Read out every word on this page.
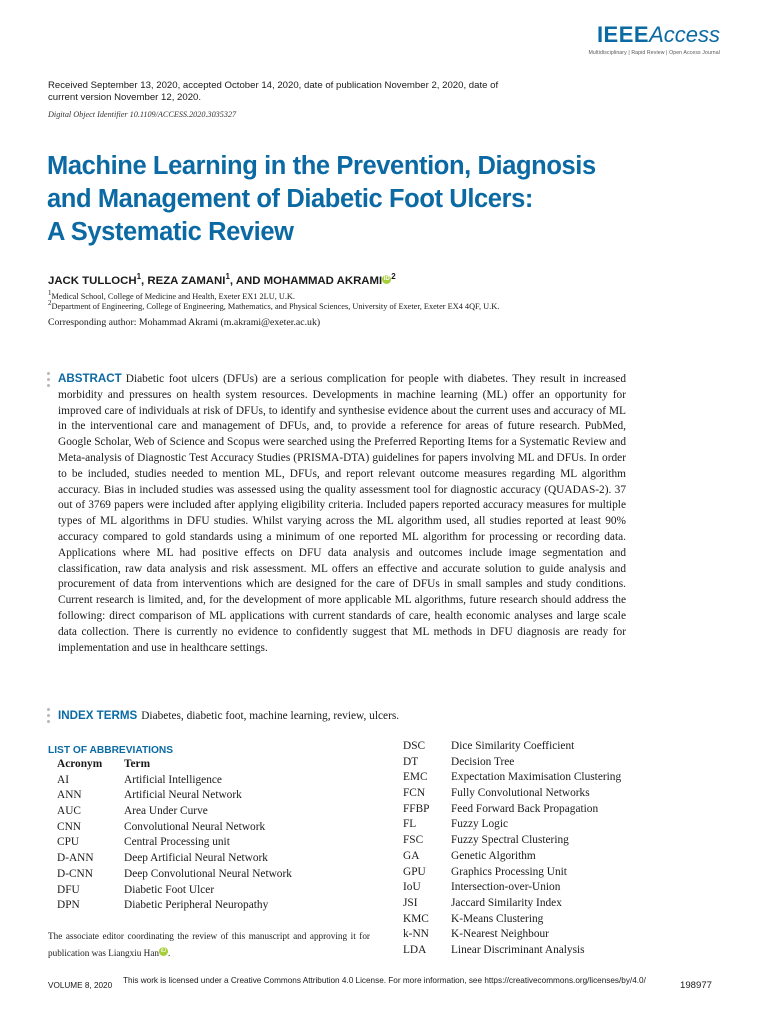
IEEEAccess
Multidisciplinary | Rapid Review | Open Access Journal
Received September 13, 2020, accepted October 14, 2020, date of publication November 2, 2020, date of current version November 12, 2020.
Digital Object Identifier 10.1109/ACCESS.2020.3035327
Machine Learning in the Prevention, Diagnosis
and Management of Diabetic Foot Ulcers:
A Systematic Review
JACK TULLOCH$^1$, REZA ZAMANI$^1$, AND MOHAMMAD AKRAMI iD $^2$
$^1$Medical School, College of Medicine and Health, Exeter EX1 2LU, U.K.
$^2$Department of Engineering, College of Engineering, Mathematics, and Physical Sciences, University of Exeter, Exeter EX4 4QF, U.K.
Corresponding author: Mohammad Akrami (m.akrami@exeter.ac.uk)
ABSTRACT Diabetic foot ulcers (DFUs) are a serious complication for people with diabetes. They result in increased morbidity and pressures on health system resources. Developments in machine learning (ML) offer an opportunity for improved care of individuals at risk of DFUs, to identify and synthesise evidence about the current uses and accuracy of ML in the interventional care and management of DFUs, and, to provide a reference for areas of future research. PubMed, Google Scholar, Web of Science and Scopus were searched using the Preferred Reporting Items for a Systematic Review and Meta-analysis of Diagnostic Test Accuracy Studies (PRISMA-DTA) guidelines for papers involving ML and DFUs. In order to be included, studies needed to mention ML, DFUs, and report relevant outcome measures regarding ML algorithm accuracy. Bias in included studies was assessed using the quality assessment tool for diagnostic accuracy (QUADAS-2). 37 out of 3769 papers were included after applying eligibility criteria. Included papers reported accuracy measures for multiple types of ML algorithms in DFU studies. Whilst varying across the ML algorithm used, all studies reported at least 90% accuracy compared to gold standards using a minimum of one reported ML algorithm for processing or recording data. Applications where ML had positive effects on DFU data analysis and outcomes include image segmentation and classification, raw data analysis and risk assessment. ML offers an effective and accurate solution to guide analysis and procurement of data from interventions which are designed for the care of DFUs in small samples and study conditions. Current research is limited, and, for the development of more applicable ML algorithms, future research should address the following: direct comparison of ML applications with current standards of care, health economic analyses and large scale data collection. There is currently no evidence to confidently suggest that ML methods in DFU diagnosis are ready for implementation and use in healthcare settings.
INDEX TERMS Diabetes, diabetic foot, machine learning, review, ulcers.
LIST OF ABBREVIATIONS
Acronym	Term
AI	Artificial Intelligence
ANN	Artificial Neural Network
AUC	Area Under Curve
CNN	Convolutional Neural Network
CPU	Central Processing unit
D-ANN	Deep Artificial Neural Network
D-CNN	Deep Convolutional Neural Network
DFU	Diabetic Foot Ulcer
DPN	Diabetic Peripheral Neuropathy
DSC	Dice Similarity Coefficient
DT	Decision Tree
EMC	Expectation Maximisation Clustering
FCN	Fully Convolutional Networks
FFBP	Feed Forward Back Propagation
FL	Fuzzy Logic
FSC	Fuzzy Spectral Clustering
GA	Genetic Algorithm
GPU	Graphics Processing Unit
IoU	Intersection-over-Union
JSI	Jaccard Similarity Index
KMC	K-Means Clustering
k-NN	K-Nearest Neighbour
LDA	Linear Discriminant Analysis
The associate editor coordinating the review of this manuscript and approving it for publication was Liangxiu Han iD .
VOLUME 8, 2020
This work is licensed under a Creative Commons Attribution 4.0 License. For more information, see https://creativecommons.org/licenses/by/4.0/	198977
